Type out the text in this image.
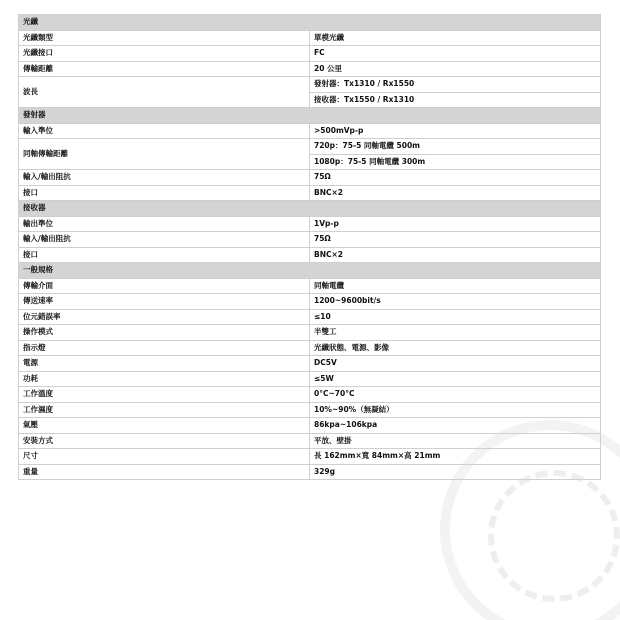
光纖	
光纖類型	單模光纖
光纖接口	FC
傳輸距離	20 公里
波長	發射器：Tx1310 / Rx1550
	接收器：Tx1550 / Rx1310
發射器	
輸入準位	>500mVp-p
同軸傳輸距離	720p：75-5 同軸電纜 500m
	1080p：75-5 同軸電纜 300m
輸入/輸出阻抗	75Ω
接口	BNC×2
接收器	
輸出準位	1Vp-p
輸入/輸出阻抗	75Ω
接口	BNC×2
一般規格	
傳輸介面	同軸電纜
傳送速率	1200~9600bit/s
位元錯誤率	≤10
操作模式	半雙工
指示燈	光纖狀態、電源、影像
電源	DC5V
功耗	≤5W
工作溫度	0°C~70°C
工作濕度	10%~90%（無凝結）
氣壓	86kpa~106kpa
安裝方式	平放、壁掛
尺寸	長 162mm×寬 84mm×高 21mm
重量	329g
